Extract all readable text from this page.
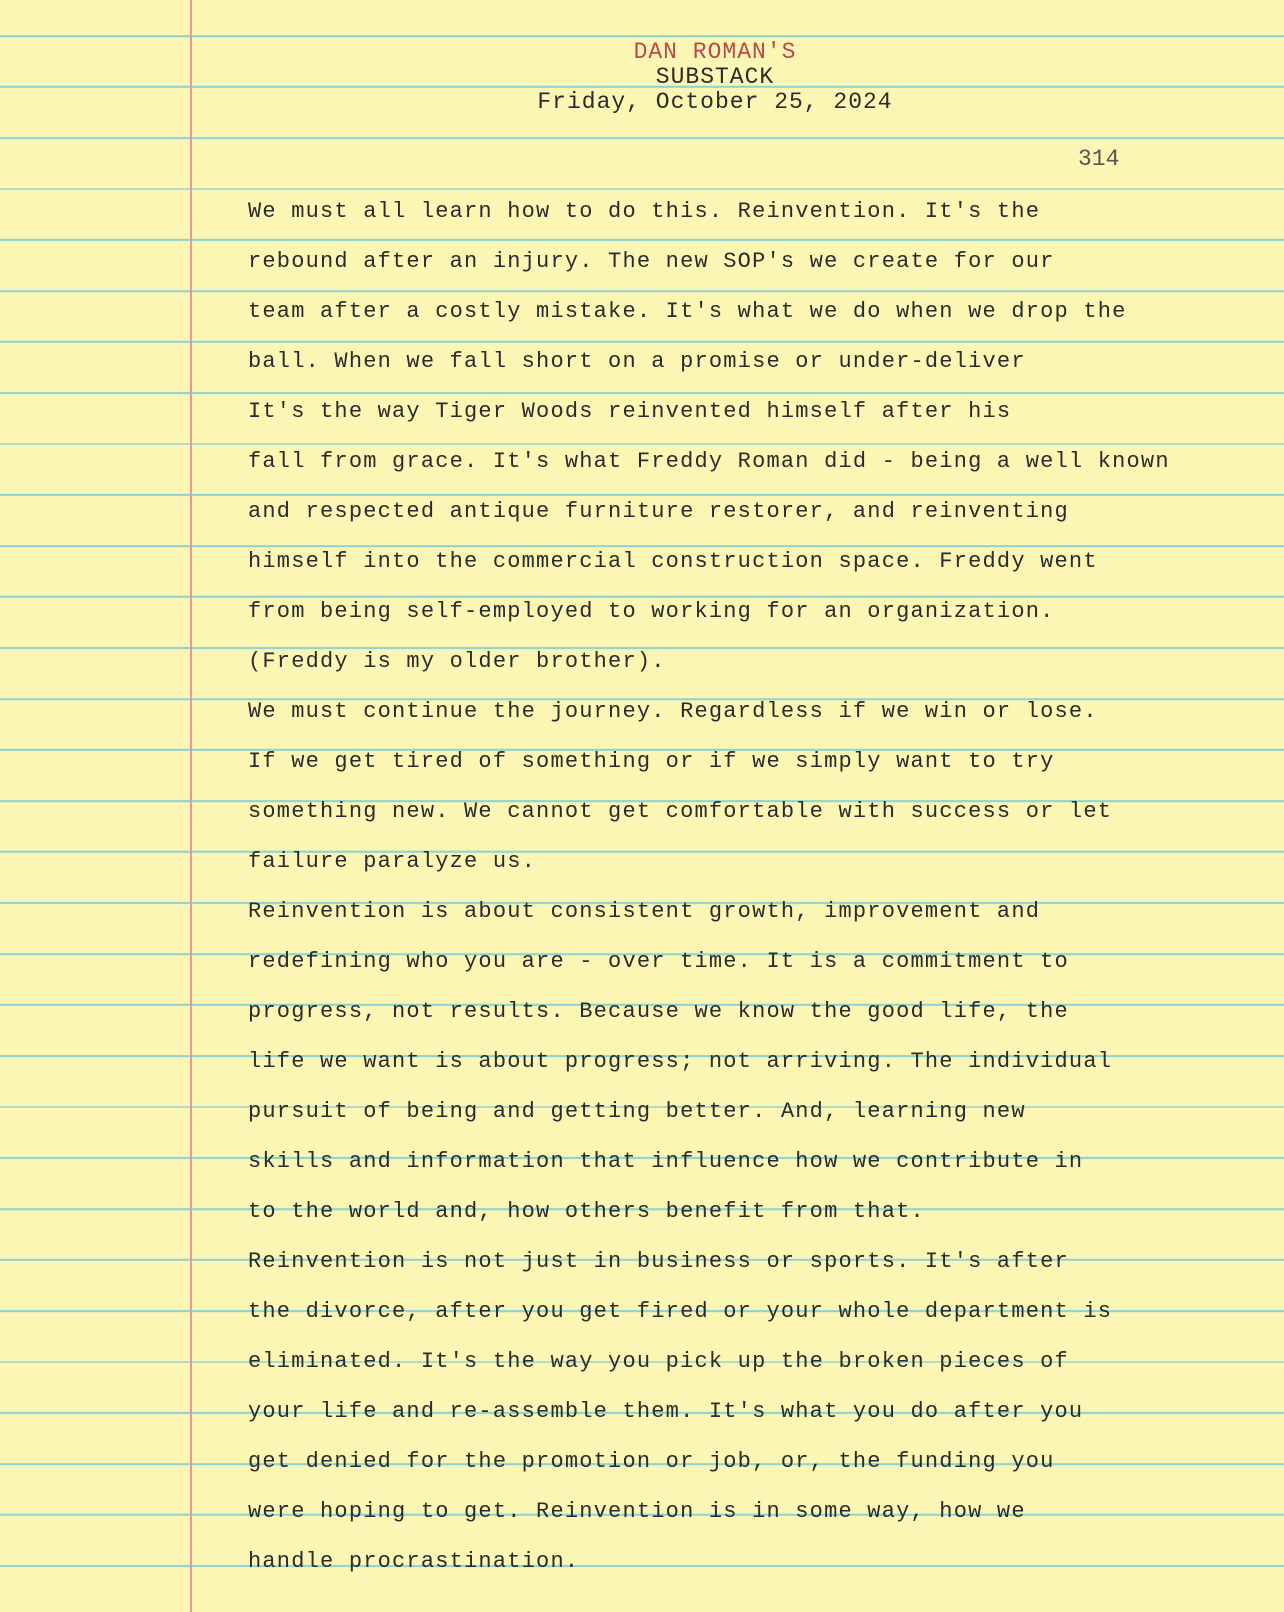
DAN ROMAN'S
SUBSTACK
Friday, October 25, 2024
314
We must all learn how to do this. Reinvention. It's the
rebound after an injury. The new SOP's we create for our
team after a costly mistake. It's what we do when we drop the
ball. When we fall short on a promise or under-deliver
It's the way Tiger Woods reinvented himself after his
fall from grace. It's what Freddy Roman did - being a well known
and respected antique furniture restorer, and reinventing
himself into the commercial construction space. Freddy went
from being self-employed to working for an organization.
(Freddy is my older brother).
We must continue the journey. Regardless if we win or lose.
If we get tired of something or if we simply want to try
something new. We cannot get comfortable with success or let
failure paralyze us.
Reinvention is about consistent growth, improvement and
redefining who you are - over time. It is a commitment to
progress, not results. Because we know the good life, the
life we want is about progress; not arriving. The individual
pursuit of being and getting better. And, learning new
skills and information that influence how we contribute in
to the world and, how others benefit from that.
Reinvention is not just in business or sports. It's after
the divorce, after you get fired or your whole department is
eliminated. It's the way you pick up the broken pieces of
your life and re-assemble them. It's what you do after you
get denied for the promotion or job, or, the funding you
were hoping to get. Reinvention is in some way, how we
handle procrastination.
